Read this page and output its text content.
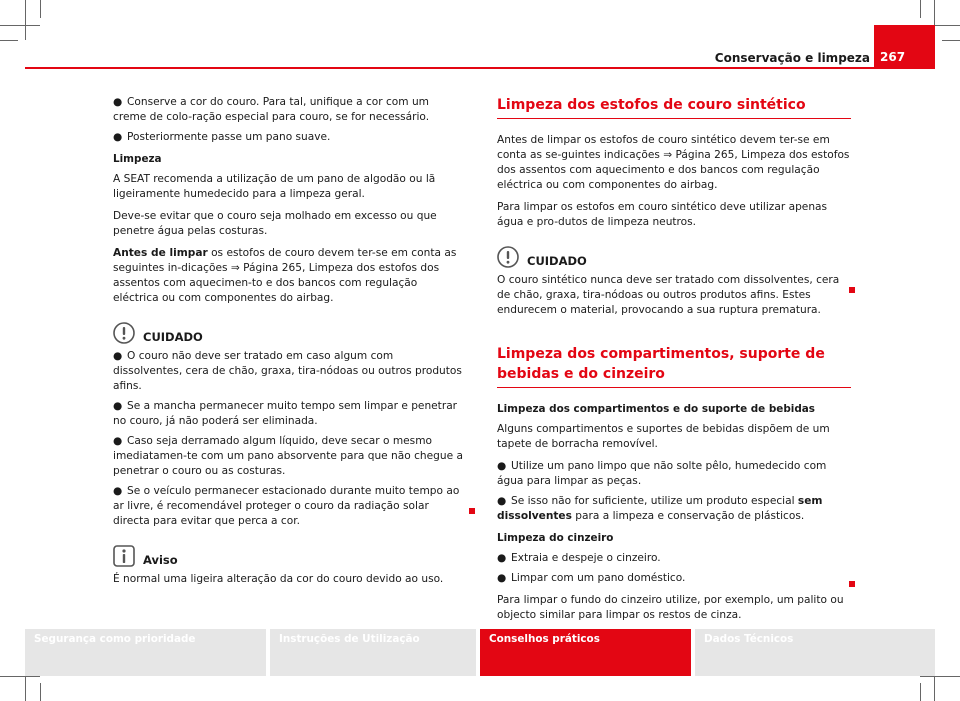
Conservação e limpeza 267

● Conserve a cor do couro. Para tal, unifique a cor com um creme de colo-ração especial para couro, se for necessário.

● Posteriormente passe um pano suave.

Limpeza

A SEAT recomenda a utilização de um pano de algodão ou lã ligeiramente humedecido para a limpeza geral.

Deve-se evitar que o couro seja molhado em excesso ou que penetre água pelas costuras.

Antes de limpar os estofos de couro devem ter-se em conta as seguintes in-dicações ⇒ Página 265, Limpeza dos estofos dos assentos com aquecimen-to e dos bancos com regulação eléctrica ou com componentes do airbag.

CUIDADO

● O couro não deve ser tratado em caso algum com dissolventes, cera de chão, graxa, tira-nódoas ou outros produtos afins.

● Se a mancha permanecer muito tempo sem limpar e penetrar no couro, já não poderá ser eliminada.

● Caso seja derramado algum líquido, deve secar o mesmo imediatamen-te com um pano absorvente para que não chegue a penetrar o couro ou as costuras.

● Se o veículo permanecer estacionado durante muito tempo ao ar livre, é recomendável proteger o couro da radiação solar directa para evitar que perca a cor.

Aviso

É normal uma ligeira alteração da cor do couro devido ao uso.

Limpeza dos estofos de couro sintético

Antes de limpar os estofos de couro sintético devem ter-se em conta as se-guintes indicações ⇒ Página 265, Limpeza dos estofos dos assentos com aquecimento e dos bancos com regulação eléctrica ou com componentes do airbag.

Para limpar os estofos em couro sintético deve utilizar apenas água e pro-dutos de limpeza neutros.

CUIDADO

O couro sintético nunca deve ser tratado com dissolventes, cera de chão, graxa, tira-nódoas ou outros produtos afins. Estes endurecem o material, provocando a sua ruptura prematura.

Limpeza dos compartimentos, suporte de bebidas e do cinzeiro

Limpeza dos compartimentos e do suporte de bebidas

Alguns compartimentos e suportes de bebidas dispõem de um tapete de borracha removível.

● Utilize um pano limpo que não solte pêlo, humedecido com água para limpar as peças.

● Se isso não for suficiente, utilize um produto especial sem dissolventes para a limpeza e conservação de plásticos.

Limpeza do cinzeiro

● Extraia e despeje o cinzeiro.

● Limpar com um pano doméstico.

Para limpar o fundo do cinzeiro utilize, por exemplo, um palito ou objecto similar para limpar os restos de cinza.

Segurança como prioridade	Instruções de Utilização	Conselhos práticos	Dados Técnicos
